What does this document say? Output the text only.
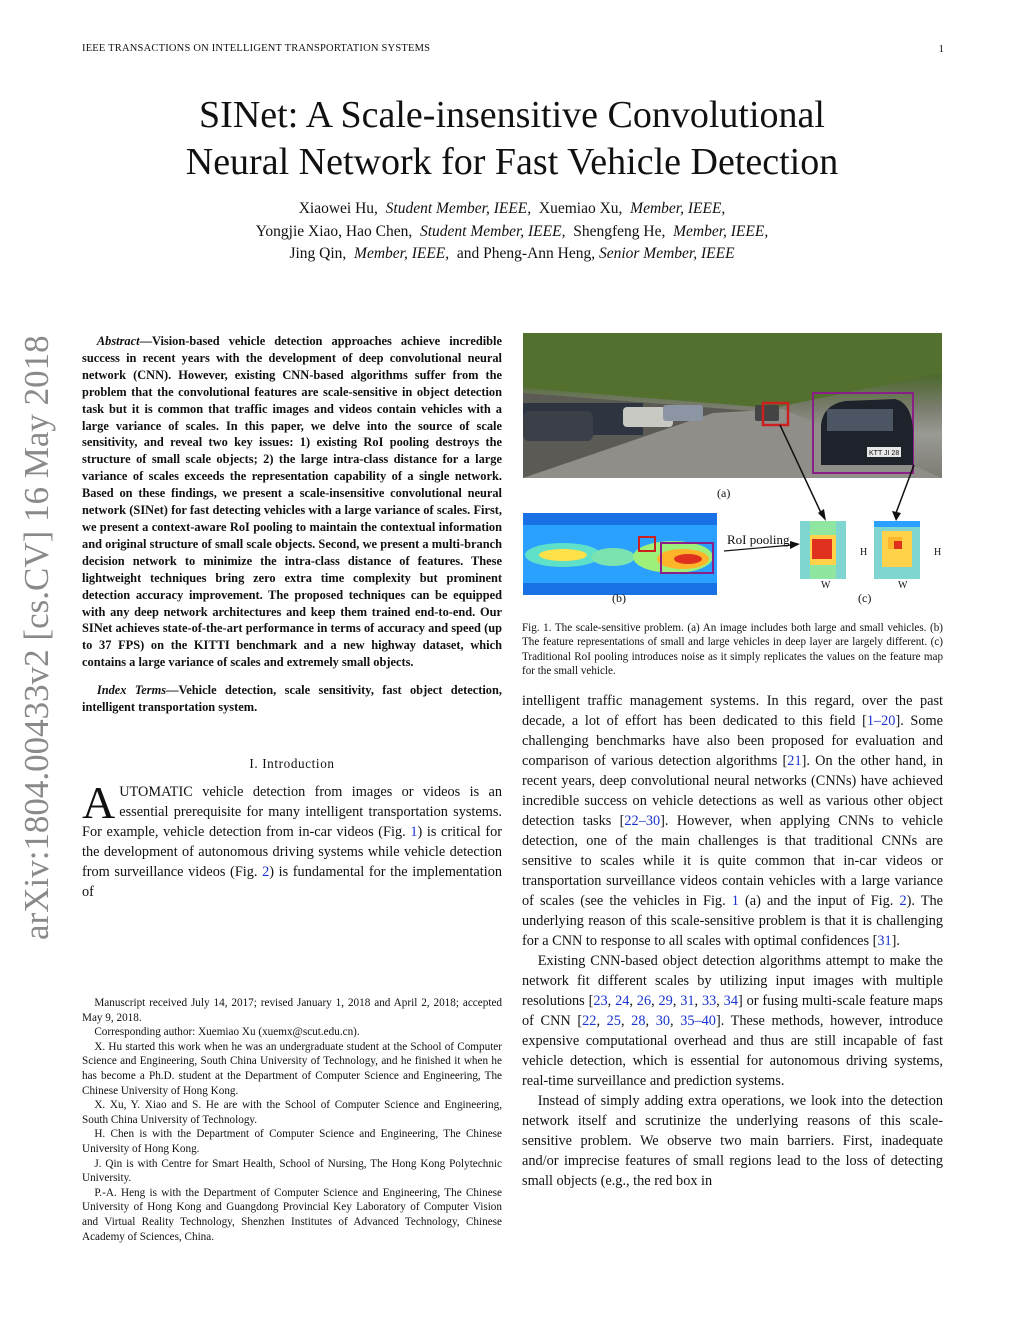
IEEE TRANSACTIONS ON INTELLIGENT TRANSPORTATION SYSTEMS	1
SINet: A Scale-insensitive Convolutional
Neural Network for Fast Vehicle Detection
Xiaowei Hu, Student Member, IEEE, Xuemiao Xu, Member, IEEE,
Yongjie Xiao, Hao Chen, Student Member, IEEE, Shengfeng He, Member, IEEE,
Jing Qin, Member, IEEE, and Pheng-Ann Heng, Senior Member, IEEE
arXiv:1804.00433v2 [cs.CV] 16 May 2018	Abstract—Vision-based vehicle detection approaches achieve incredible success in recent years with the development of deep convolutional neural network (CNN). However, existing CNN-based algorithms suffer from the problem that the convolutional features are scale-sensitive in object detection task but it is common that traffic images and videos contain vehicles with a large variance of scales. In this paper, we delve into the source of scale sensitivity, and reveal two key issues: 1) existing RoI pooling destroys the structure of small scale objects; 2) the large intra-class distance for a large variance of scales exceeds the representation capability of a single network. Based on these findings, we present a scale-insensitive convolutional neural network (SINet) for fast detecting vehicles with a large variance of scales. First, we present a context-aware RoI pooling to maintain the contextual information and original structure of small scale objects. Second, we present a multi-branch decision network to minimize the intra-class distance of features. These lightweight techniques bring zero extra time complexity but prominent detection accuracy improvement. The proposed techniques can be equipped with any deep network architectures and keep them trained end-to-end. Our SINet achieves state-of-the-art performance in terms of accuracy and speed (up to 37 FPS) on the KITTI benchmark and a new highway dataset, which contains a large variance of scales and extremely small objects.

Index Terms—Vehicle detection, scale sensitivity, fast object detection, intelligent transportation system.

I. Introduction

AUTOMATIC vehicle detection from images or videos is an essential prerequisite for many intelligent transportation systems. For example, vehicle detection from in-car videos (Fig. 1) is critical for the development of autonomous driving systems while vehicle detection from surveillance videos (Fig. 2) is fundamental for the implementation of

Manuscript received July 14, 2017; revised January 1, 2018 and April 2, 2018; accepted May 9, 2018.

Corresponding author: Xuemiao Xu (xuemx@scut.edu.cn).

X. Hu started this work when he was an undergraduate student at the School of Computer Science and Engineering, South China University of Technology, and he finished it when he has become a Ph.D. student at the Department of Computer Science and Engineering, The Chinese University of Hong Kong.

X. Xu, Y. Xiao and S. He are with the School of Computer Science and Engineering, South China University of Technology.

H. Chen is with the Department of Computer Science and Engineering, The Chinese University of Hong Kong.

J. Qin is with Centre for Smart Health, School of Nursing, The Hong Kong Polytechnic University.

P.-A. Heng is with the Department of Computer Science and Engineering, The Chinese University of Hong Kong and Guangdong Provincial Key Laboratory of Computer Vision and Virtual Reality Technology, Shenzhen Institutes of Advanced Technology, Chinese Academy of Sciences, China.

KTT JI 28
(a)
(b)
RoI pooling
H
W
H
W
(c)

Fig. 1. The scale-sensitive problem. (a) An image includes both large and small vehicles. (b) The feature representations of small and large vehicles in deep layer are largely different. (c) Traditional RoI pooling introduces noise as it simply replicates the values on the feature map for the small vehicle.

intelligent traffic management systems. In this regard, over the past decade, a lot of effort has been dedicated to this field [1–20]. Some challenging benchmarks have also been proposed for evaluation and comparison of various detection algorithms [21]. On the other hand, in recent years, deep convolutional neural networks (CNNs) have achieved incredible success on vehicle detections as well as various other object detection tasks [22–30]. However, when applying CNNs to vehicle detection, one of the main challenges is that traditional CNNs are sensitive to scales while it is quite common that in-car videos or transportation surveillance videos contain vehicles with a large variance of scales (see the vehicles in Fig. 1 (a) and the input of Fig. 2). The underlying reason of this scale-sensitive problem is that it is challenging for a CNN to response to all scales with optimal confidences [31].

Existing CNN-based object detection algorithms attempt to make the network fit different scales by utilizing input images with multiple resolutions [23, 24, 26, 29, 31, 33, 34] or fusing multi-scale feature maps of CNN [22, 25, 28, 30, 35–40]. These methods, however, introduce expensive computational overhead and thus are still incapable of fast vehicle detection, which is essential for autonomous driving systems, real-time surveillance and prediction systems.

Instead of simply adding extra operations, we look into the detection network itself and scrutinize the underlying reasons of this scale-sensitive problem. We observe two main barriers. First, inadequate and/or imprecise features of small regions lead to the loss of detecting small objects (e.g., the red box in
